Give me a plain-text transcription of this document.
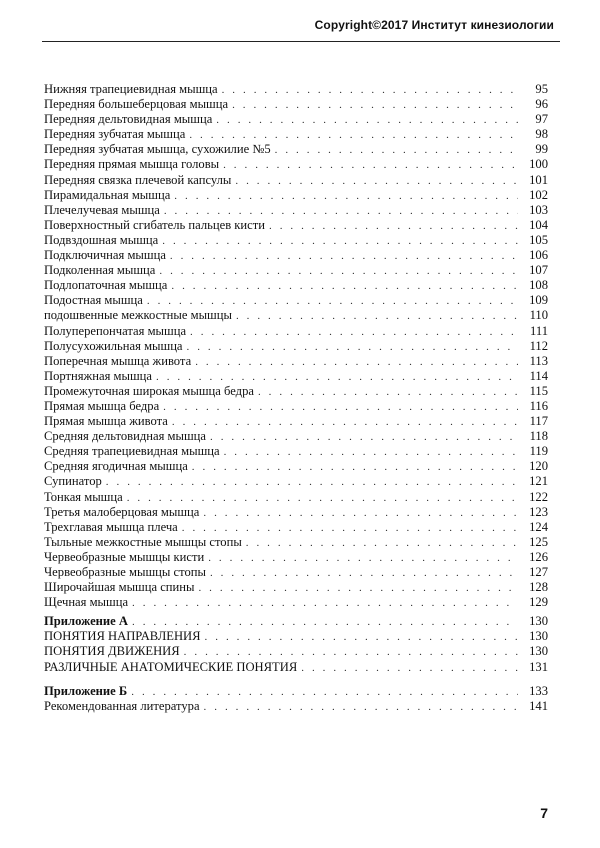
Copyright©2017 Институт кинезиологии
Нижняя трапециевидная мышца . . .	95
Передняя большеберцовая мышца . . .	96
Передняя дельтовидная мышца . . .	97
Передняя зубчатая мышца . . .	98
Передняя зубчатая мышца, сухожилие №5 . . .	99
Передняя прямая мышца головы . . .	100
Передняя связка плечевой капсулы . . .	101
Пирамидальная мышца . . .	102
Плечелучевая мышца . . .	103
Поверхностный сгибатель пальцев кисти . . .	104
Подвздошная мышца . . .	105
Подключичная мышца . . .	106
Подколенная мышца . . .	107
Подлопаточная мышца . . .	108
Подостная мышца . . .	109
подошвенные межкостные мышцы . . .	110
Полуперепончатая мышца . . .	111
Полусухожильная мышца . . .	112
Поперечная мышца живота . . .	113
Портняжная мышца . . .	114
Промежуточная широкая мышца бедра . . .	115
Прямая мышца бедра . . .	116
Прямая мышца живота . . .	117
Средняя дельтовидная мышца . . .	118
Средняя трапециевидная мышца . . .	119
Средняя ягодичная мышца . . .	120
Супинатор . . .	121
Тонкая мышца . . .	122
Третья малоберцовая мышца . . .	123
Трехглавая мышца плеча . . .	124
Тыльные межкостные мышцы стопы . . .	125
Червеобразные мышцы кисти . . .	126
Червеобразные мышцы стопы . . .	127
Широчайшая мышца спины . . .	128
Щечная мышца . . .	129
Приложение А . . .	130
ПОНЯТИЯ НАПРАВЛЕНИЯ . . .	130
ПОНЯТИЯ ДВИЖЕНИЯ . . .	130
РАЗЛИЧНЫЕ АНАТОМИЧЕСКИЕ ПОНЯТИЯ . . .	131
Приложение Б . . .	133
Рекомендованная литература . . .	141
7
